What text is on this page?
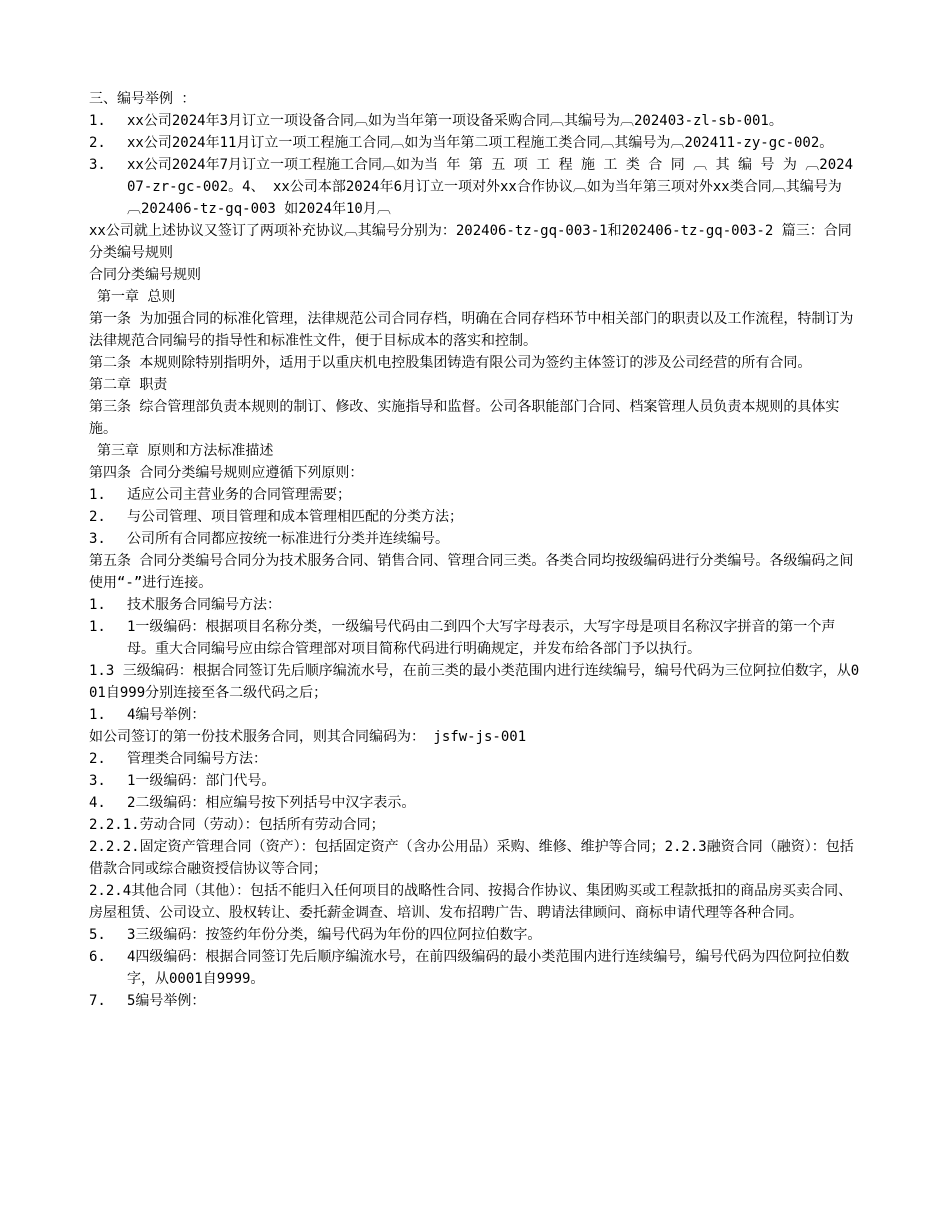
三、编号举例 ：

1.	xx公司2024年3月订立一项设备合同︹如为当年第一项设备采购合同︹其编号为︹202403-zl-sb-001。
2.	xx公司2024年11月订立一项工程施工合同︹如为当年第二项工程施工类合同︹其编号为︹202411-zy-gc-002。
3.	xx公司2024年7月订立一项工程施工合同︹如为当 年 第 五 项 工 程 施 工 类 合 同 ︹ 其 编 号 为 ︹202407-zr-gc-002。4、 xx公司本部2024年6月订立一项对外xx合作协议︹如为当年第三项对外xx类合同︹其编号为︹202406-tz-gq-003 如2024年10月︹

xx公司就上述协议又签订了两项补充协议︹其编号分别为：202406-tz-gq-003-1和202406-tz-gq-003-2 篇三：合同分类编号规则

合同分类编号规则

第一章 总则

第一条 为加强合同的标准化管理，法律规范公司合同存档，明确在合同存档环节中相关部门的职责以及工作流程，特制订为法律规范合同编号的指导性和标准性文件，便于目标成本的落实和控制。

第二条 本规则除特别指明外，适用于以重庆机电控股集团铸造有限公司为签约主体签订的涉及公司经营的所有合同。

第二章 职责

第三条 综合管理部负责本规则的制订、修改、实施指导和监督。公司各职能部门合同、档案管理人员负责本规则的具体实施。

第三章 原则和方法标准描述

第四条 合同分类编号规则应遵循下列原则：

1.	适应公司主营业务的合同管理需要；
2.	与公司管理、项目管理和成本管理相匹配的分类方法；
3.	公司所有合同都应按统一标准进行分类并连续编号。

第五条 合同分类编号合同分为技术服务合同、销售合同、管理合同三类。各类合同均按级编码进行分类编号。各级编码之间使用“-”进行连接。

1.	技术服务合同编号方法：
1.	1一级编码：根据项目名称分类，一级编号代码由二到四个大写字母表示，大写字母是项目名称汉字拼音的第一个声母。重大合同编号应由综合管理部对项目简称代码进行明确规定，并发布给各部门予以执行。

1.3 三级编码：根据合同签订先后顺序编流水号，在前三类的最小类范围内进行连续编号，编号代码为三位阿拉伯数字，从001自999分别连接至各二级代码之后；

1.	4编号举例：

如公司签订的第一份技术服务合同，则其合同编码为： jsfw-js-001

2.	管理类合同编号方法：
3.	1一级编码：部门代号。
4.	2二级编码：相应编号按下列括号中汉字表示。

2.2.1.劳动合同（劳动）：包括所有劳动合同；

2.2.2.固定资产管理合同（资产）：包括固定资产（含办公用品）采购、维修、维护等合同；2.2.3融资合同（融资）：包括借款合同或综合融资授信协议等合同；

2.2.4其他合同（其他）：包括不能归入任何项目的战略性合同、按揭合作协议、集团购买或工程款抵扣的商品房买卖合同、房屋租赁、公司设立、股权转让、委托薪金调查、培训、发布招聘广告、聘请法律顾问、商标申请代理等各种合同。

5.	3三级编码：按签约年份分类，编号代码为年份的四位阿拉伯数字。
6.	4四级编码：根据合同签订先后顺序编流水号，在前四级编码的最小类范围内进行连续编号，编号代码为四位阿拉伯数字，从0001自9999。
7.	5编号举例：
